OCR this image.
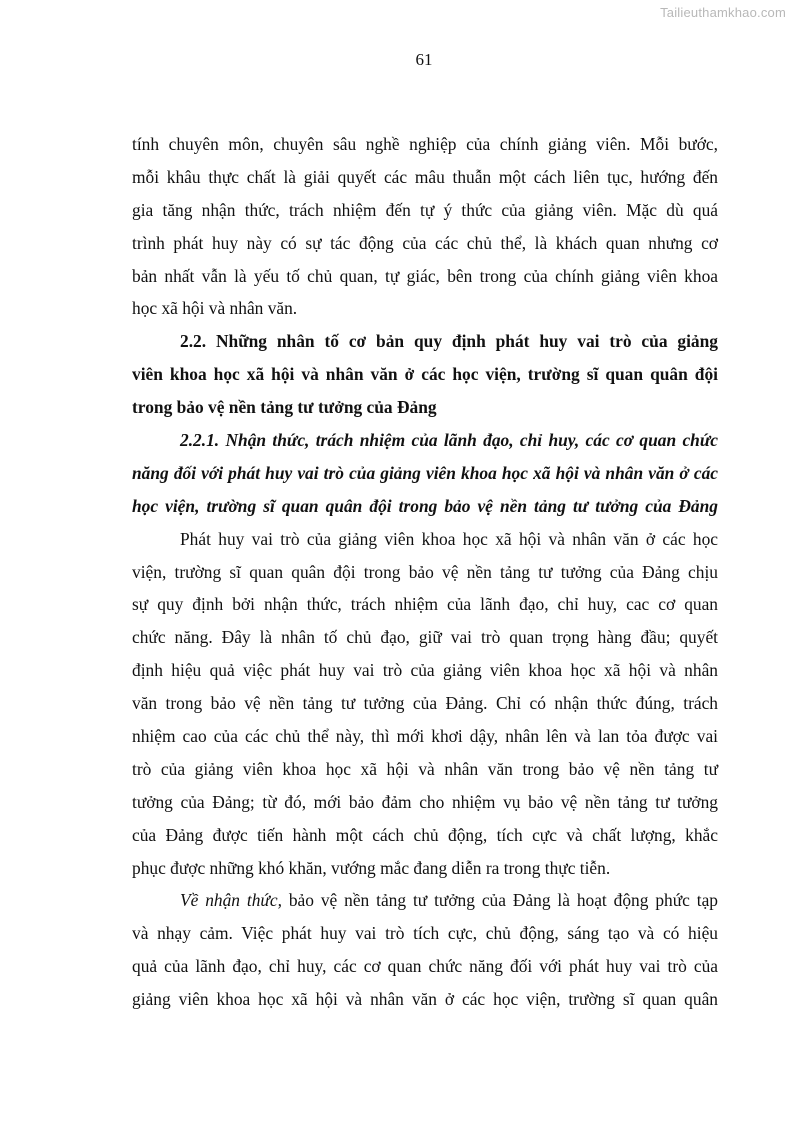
Tailieuthamkhao.com
61
tính chuyên môn, chuyên sâu nghề nghiệp của chính giảng viên. Mỗi bước,
mỗi khâu thực chất là giải quyết các mâu thuẫn một cách liên tục, hướng đến
gia tăng nhận thức, trách nhiệm đến tự ý thức của giảng viên. Mặc dù quá
trình phát huy này có sự tác động của các chủ thể, là khách quan nhưng cơ
bản nhất vẫn là yếu tố chủ quan, tự giác, bên trong của chính giảng viên khoa
học xã hội và nhân văn.
2.2. Những nhân tố cơ bản quy định phát huy vai trò của giảng
viên khoa học xã hội và nhân văn ở các học viện, trường sĩ quan quân đội
trong bảo vệ nền tảng tư tưởng của Đảng
2.2.1. Nhận thức, trách nhiệm của lãnh đạo, chỉ huy, các cơ quan chức
năng đối với phát huy vai trò của giảng viên khoa học xã hội và nhân văn ở các
học viện, trường sĩ quan quân đội trong bảo vệ nền tảng tư tưởng của Đảng
Phát huy vai trò của giảng viên khoa học xã hội và nhân văn ở các học
viện, trường sĩ quan quân đội trong bảo vệ nền tảng tư tưởng của Đảng chịu
sự quy định bởi nhận thức, trách nhiệm của lãnh đạo, chỉ huy, cac cơ quan
chức năng. Đây là nhân tố chủ đạo, giữ vai trò quan trọng hàng đầu; quyết
định hiệu quả việc phát huy vai trò của giảng viên khoa học xã hội và nhân
văn trong bảo vệ nền tảng tư tưởng của Đảng. Chỉ có nhận thức đúng, trách
nhiệm cao của các chủ thể này, thì mới khơi dậy, nhân lên và lan tỏa được vai
trò của giảng viên khoa học xã hội và nhân văn trong bảo vệ nền tảng tư
tưởng của Đảng; từ đó, mới bảo đảm cho nhiệm vụ bảo vệ nền tảng tư tưởng
của Đảng được tiến hành một cách chủ động, tích cực và chất lượng, khắc
phục được những khó khăn, vướng mắc đang diễn ra trong thực tiễn.
Về nhận thức, bảo vệ nền tảng tư tưởng của Đảng là hoạt động phức tạp
và nhạy cảm. Việc phát huy vai trò tích cực, chủ động, sáng tạo và có hiệu
quả của lãnh đạo, chỉ huy, các cơ quan chức năng đối với phát huy vai trò của
giảng viên khoa học xã hội và nhân văn ở các học viện, trường sĩ quan quân
